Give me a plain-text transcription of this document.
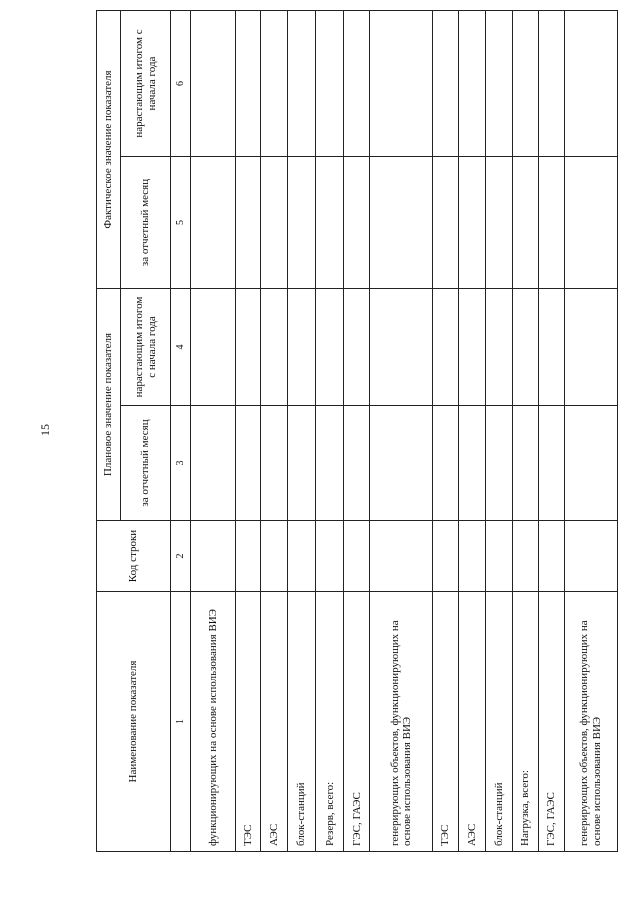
15
Наименование показателя	Код строки	Плановое значение показателя		Фактическое значение показателя	
		за отчетный месяц	нарастающим итогом с начала года	за отчетный месяц	нарастающим итогом с начала года
1	2	3	4	5	6
функционирующих на основе использования ВИЭ					
ТЭС					
АЭС					
блок-станций					
Резерв, всего:					
ГЭС, ГАЭС					
генерирующих объектов, функционирующих на основе использования ВИЭ					
ТЭС					
АЭС					
блок-станций					
Нагрузка, всего:					
ГЭС, ГАЭС					
генерирующих объектов, функционирующих на основе использования ВИЭ					
